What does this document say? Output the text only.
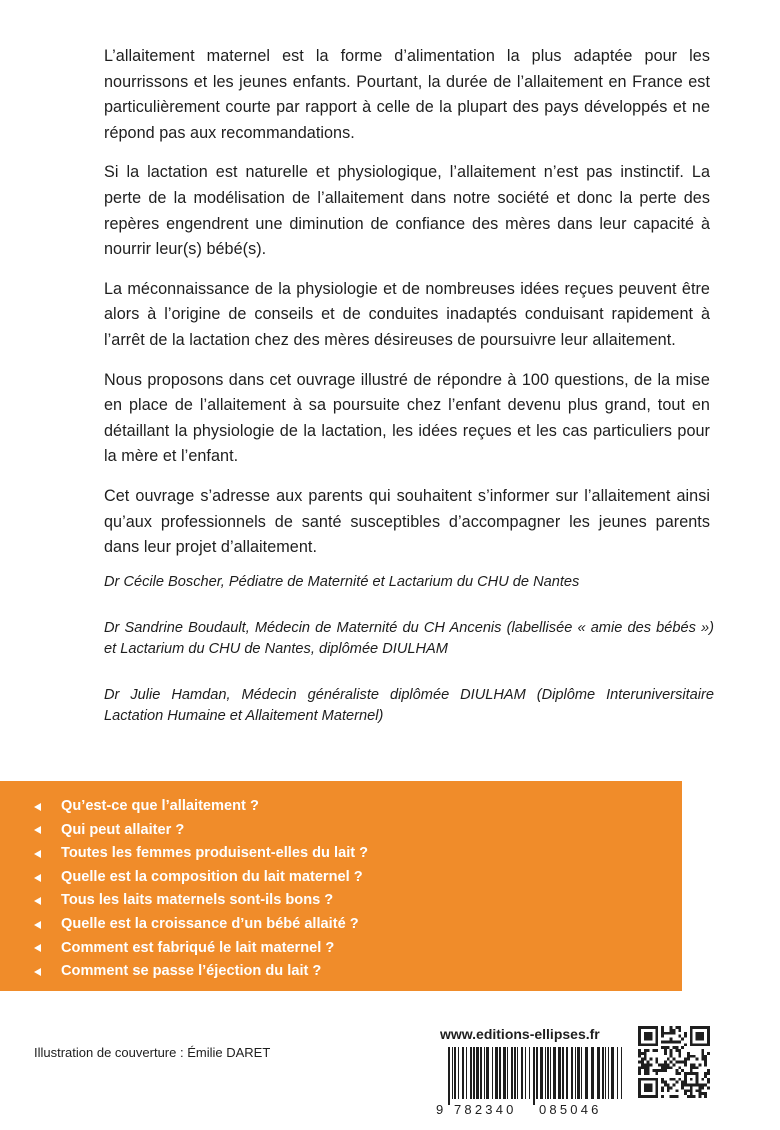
L’allaitement maternel est la forme d’alimentation la plus adaptée pour les nourrissons et les jeunes enfants. Pourtant, la durée de l’allaitement en France est particulièrement courte par rapport à celle de la plupart des pays développés et ne répond pas aux recommandations.

Si la lactation est naturelle et physiologique, l’allaitement n’est pas instinctif. La perte de la modélisation de l’allaitement dans notre société et donc la perte des repères engendrent une diminution de confiance des mères dans leur capacité à nourrir leur(s) bébé(s).

La méconnaissance de la physiologie et de nombreuses idées reçues peuvent être alors à l’origine de conseils et de conduites inadaptés conduisant rapidement à l’arrêt de la lactation chez des mères désireuses de poursuivre leur allaitement.

Nous proposons dans cet ouvrage illustré de répondre à 100 questions, de la mise en place de l’allaitement à sa poursuite chez l’enfant devenu plus grand, tout en détaillant la physiologie de la lactation, les idées reçues et les cas particuliers pour la mère et l’enfant.

Cet ouvrage s’adresse aux parents qui souhaitent s’informer sur l’allaitement ainsi qu’aux professionnels de santé susceptibles d’accompagner les jeunes parents dans leur projet d’allaitement.

Dr Cécile Boscher, Pédiatre de Maternité et Lactarium du CHU de Nantes

Dr Sandrine Boudault, Médecin de Maternité du CH Ancenis (labellisée « amie des bébés ») et Lactarium du CHU de Nantes, diplômée DIULHAM

Dr Julie Hamdan, Médecin généraliste diplômée DIULHAM (Diplôme Interuniversitaire Lactation Humaine et Allaitement Maternel)

Qu’est-ce que l’allaitement ?
Qui peut allaiter ?
Toutes les femmes produisent-elles du lait ?
Quelle est la composition du lait maternel ?
Tous les laits maternels sont-ils bons ?
Quelle est la croissance d’un bébé allaité ?
Comment est fabriqué le lait maternel ?
Comment se passe l’éjection du lait ?
Illustration de couverture : Émilie DARET
www.editions-ellipses.fr
9 782340 085046
